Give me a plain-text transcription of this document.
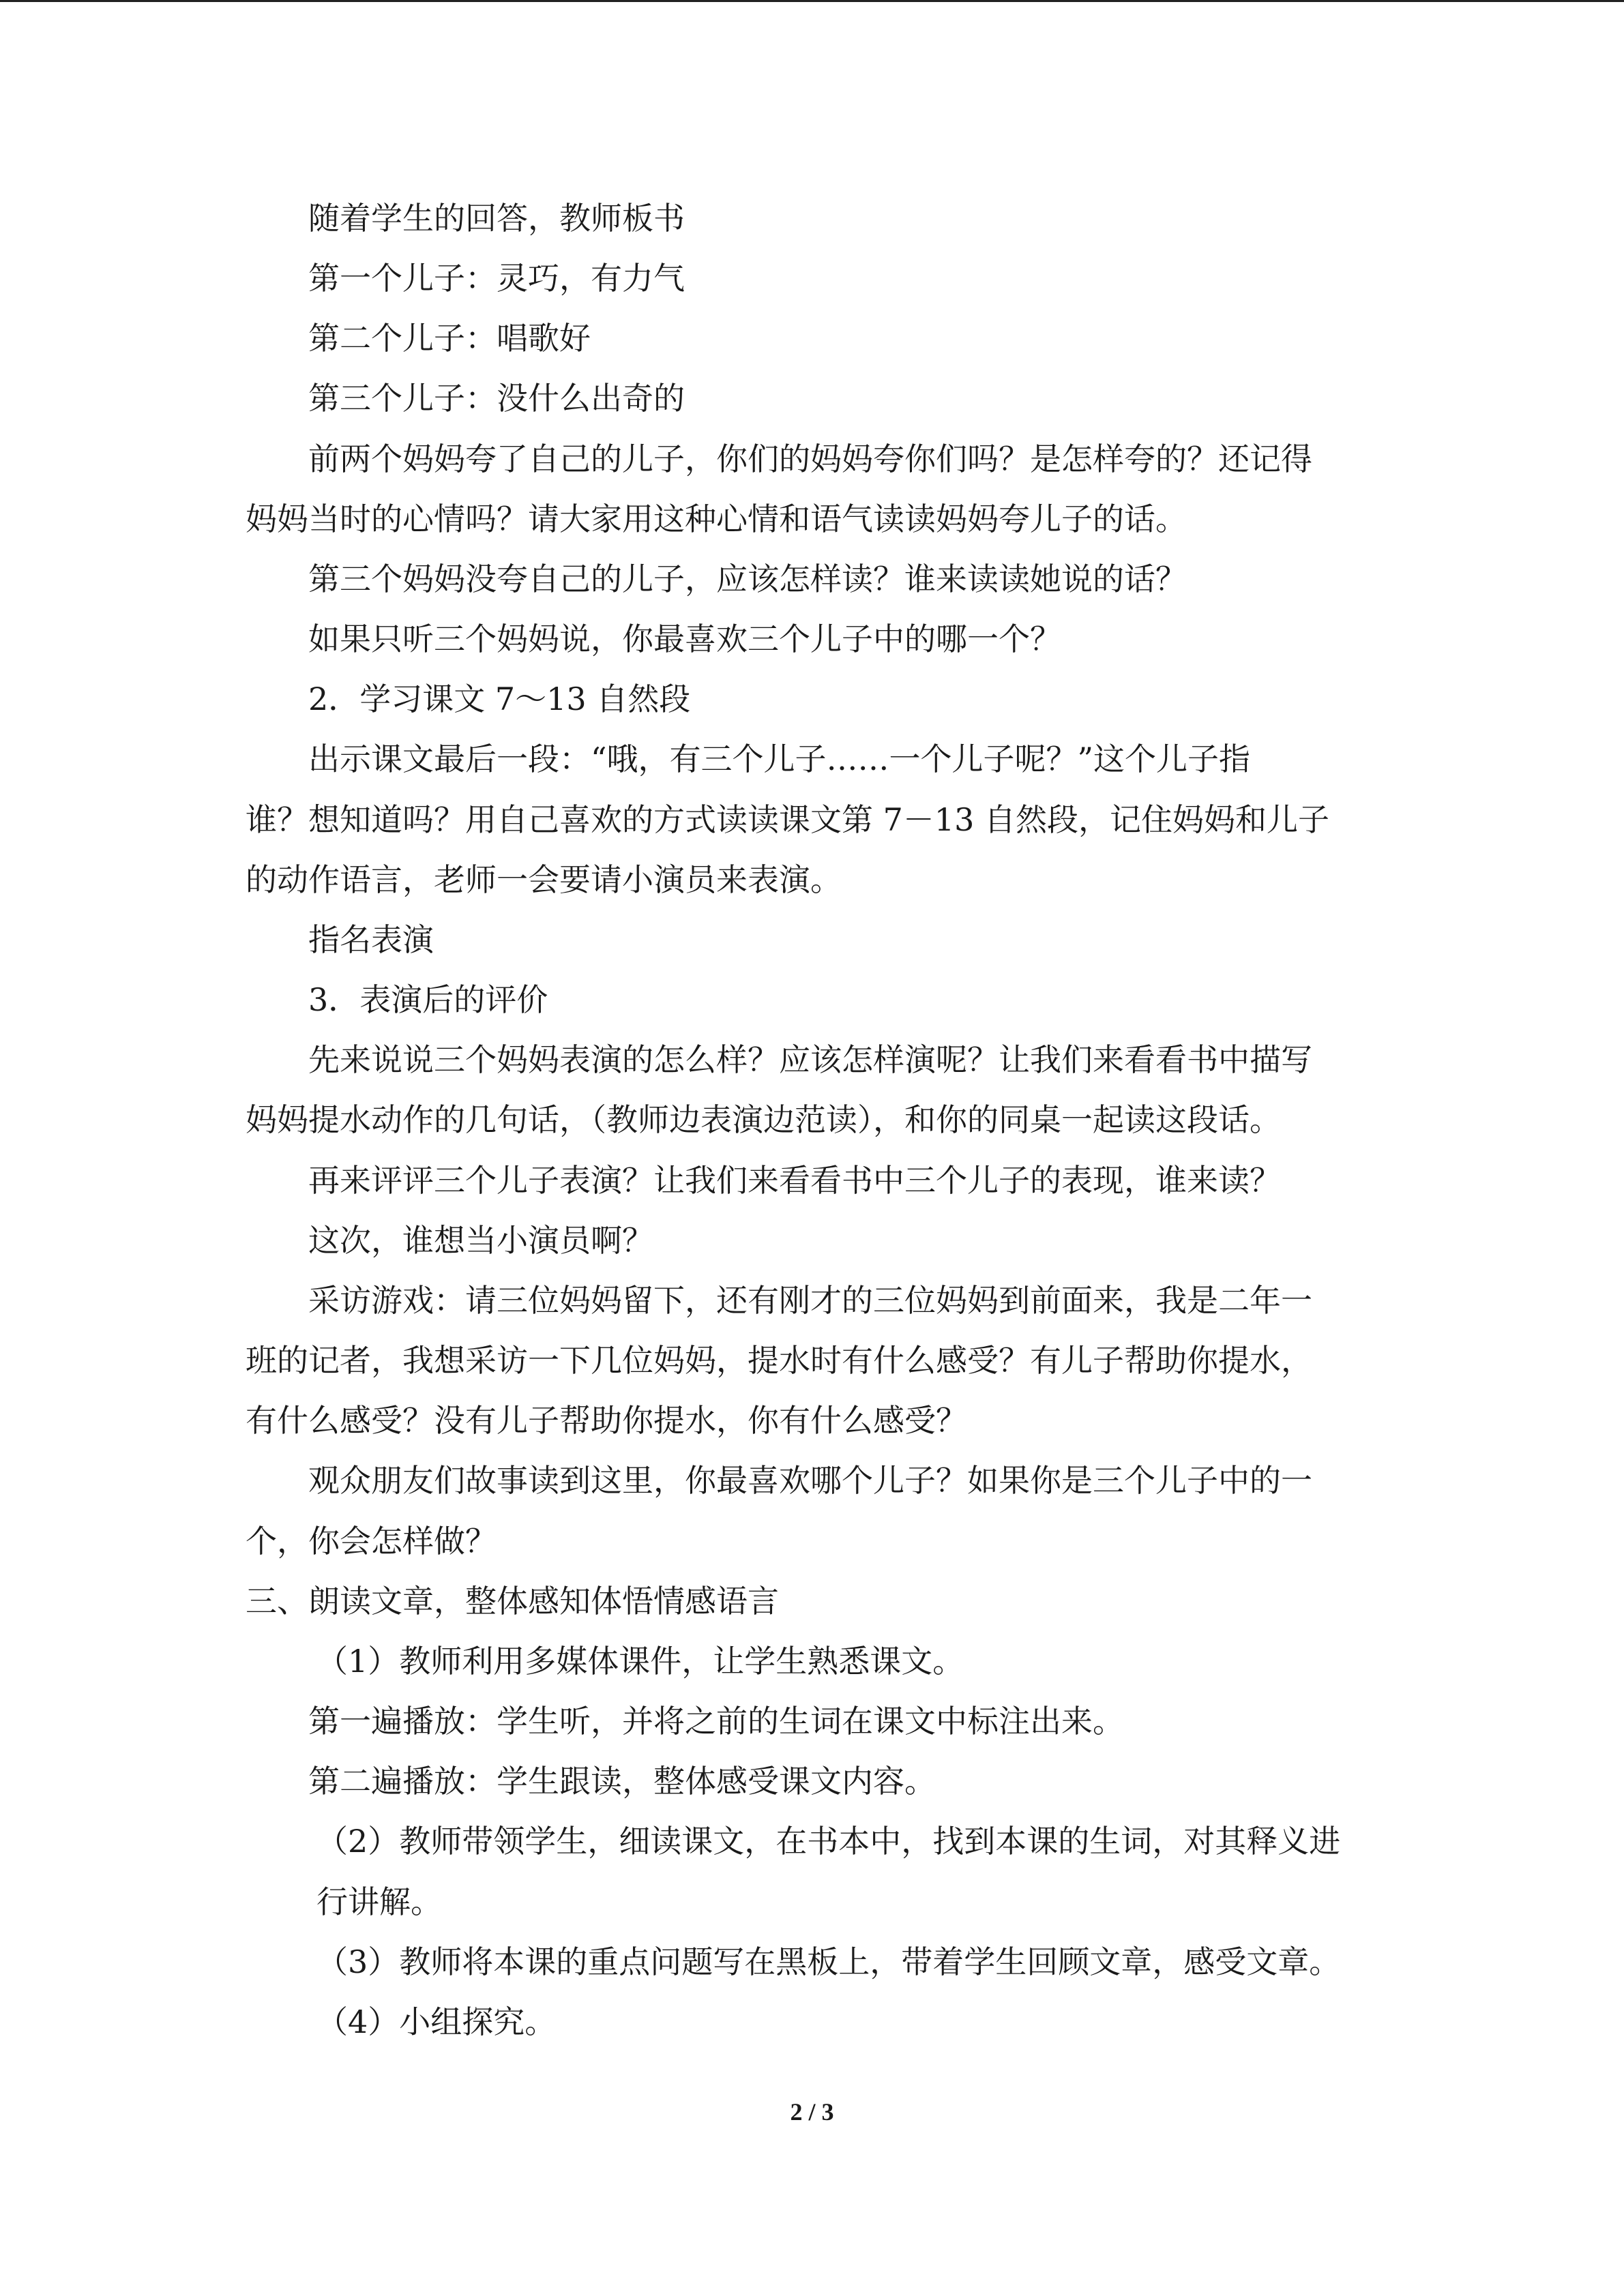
随着学生的回答，教师板书
第一个儿子：灵巧，有力气
第二个儿子：唱歌好
第三个儿子：没什么出奇的
前两个妈妈夸了自己的儿子，你们的妈妈夸你们吗？是怎样夸的？还记得
妈妈当时的心情吗？请大家用这种心情和语气读读妈妈夸儿子的话。
第三个妈妈没夸自己的儿子，应该怎样读？谁来读读她说的话？
如果只听三个妈妈说，你最喜欢三个儿子中的哪一个？
2．学习课文 7～13 自然段
出示课文最后一段：“哦，有三个儿子……一个儿子呢？”这个儿子指
谁？想知道吗？用自己喜欢的方式读读课文第 7－13 自然段，记住妈妈和儿子
的动作语言，老师一会要请小演员来表演。
指名表演
3．表演后的评价
先来说说三个妈妈表演的怎么样？应该怎样演呢？让我们来看看书中描写
妈妈提水动作的几句话，（教师边表演边范读），和你的同桌一起读这段话。
再来评评三个儿子表演？让我们来看看书中三个儿子的表现，谁来读？
这次，谁想当小演员啊？
采访游戏：请三位妈妈留下，还有刚才的三位妈妈到前面来，我是二年一
班的记者，我想采访一下几位妈妈，提水时有什么感受？有儿子帮助你提水，
有什么感受？没有儿子帮助你提水，你有什么感受？
观众朋友们故事读到这里，你最喜欢哪个儿子？如果你是三个儿子中的一
个，你会怎样做？
三、朗读文章，整体感知体悟情感语言
（1）教师利用多媒体课件，让学生熟悉课文。
第一遍播放：学生听，并将之前的生词在课文中标注出来。
第二遍播放：学生跟读，整体感受课文内容。
（2）教师带领学生，细读课文，在书本中，找到本课的生词，对其释义进
行讲解。
（3）教师将本课的重点问题写在黑板上，带着学生回顾文章，感受文章。
（4）小组探究。
2 / 3
